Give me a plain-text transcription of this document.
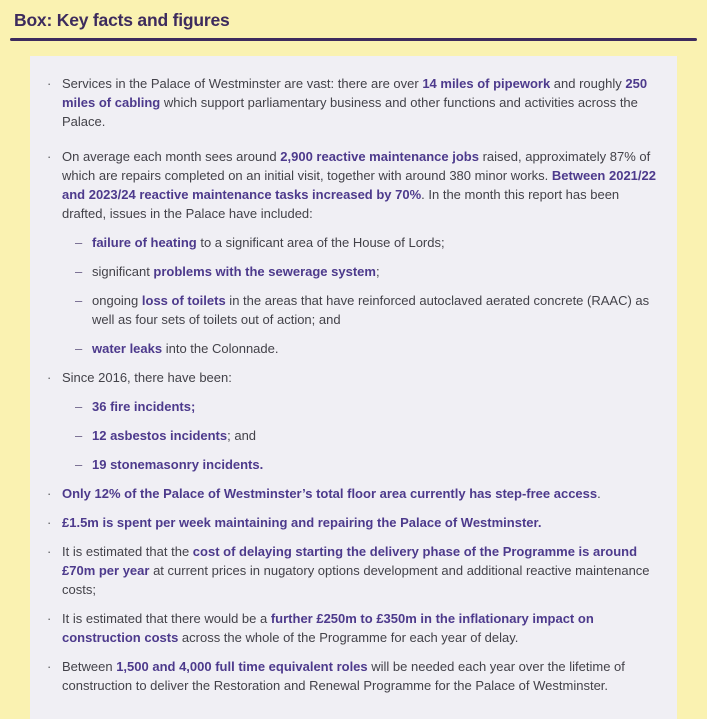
Box: Key facts and figures
· Services in the Palace of Westminster are vast: there are over 14 miles of pipework and roughly 250 miles of cabling which support parliamentary business and other functions and activities across the Palace.
· On average each month sees around 2,900 reactive maintenance jobs raised, approximately 87% of which are repairs completed on an initial visit, together with around 380 minor works. Between 2021/22 and 2023/24 reactive maintenance tasks increased by 70%. In the month this report has been drafted, issues in the Palace have included:
– failure of heating to a significant area of the House of Lords;
– significant problems with the sewerage system;
– ongoing loss of toilets in the areas that have reinforced autoclaved aerated concrete (RAAC) as well as four sets of toilets out of action; and
– water leaks into the Colonnade.
· Since 2016, there have been:
– 36 fire incidents;
– 12 asbestos incidents; and
– 19 stonemasonry incidents.
· Only 12% of the Palace of Westminster’s total floor area currently has step-free access.
· £1.5m is spent per week maintaining and repairing the Palace of Westminster.
· It is estimated that the cost of delaying starting the delivery phase of the Programme is around £70m per year at current prices in nugatory options development and additional reactive maintenance costs;
· It is estimated that there would be a further £250m to £350m in the inflationary impact on construction costs across the whole of the Programme for each year of delay.
· Between 1,500 and 4,000 full time equivalent roles will be needed each year over the lifetime of construction to deliver the Restoration and Renewal Programme for the Palace of Westminster.
